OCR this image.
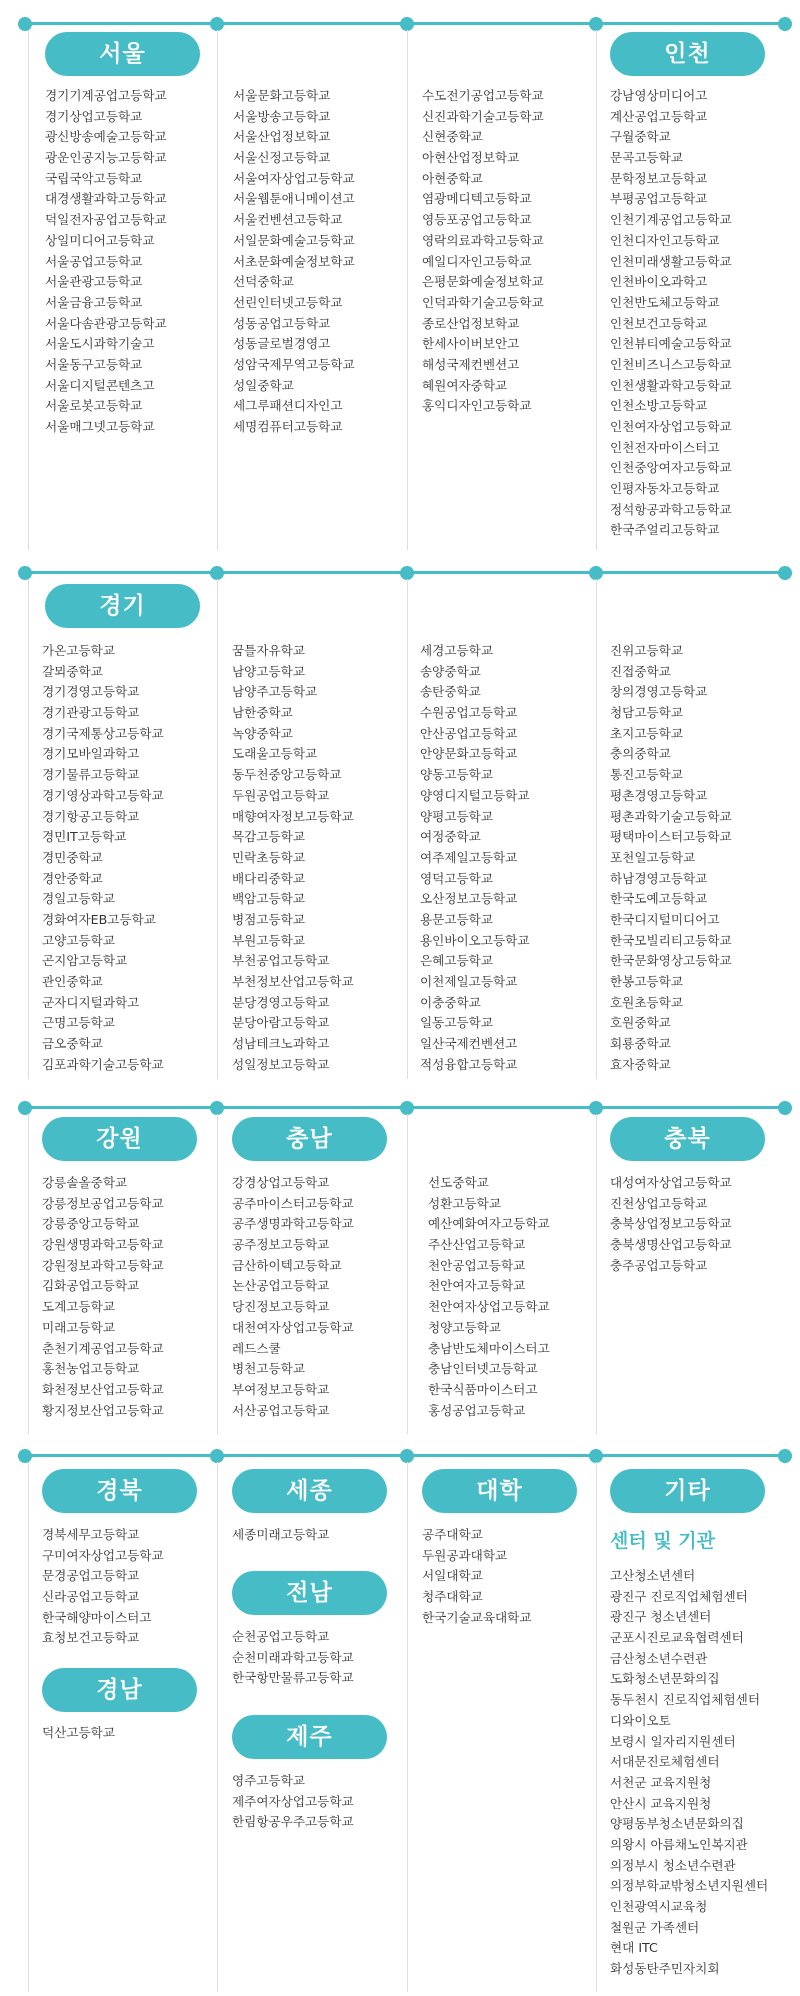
서울	인천
경기기계공업고등학교
경기상업고등학교
광신방송예술고등학교
광운인공지능고등학교
국립국악고등학교
대경생활과학고등학교
덕일전자공업고등학교
상일미디어고등학교
서울공업고등학교
서울관광고등학교
서울금융고등학교
서울다솜관광고등학교
서울도시과학기술고
서울동구고등학교
서울디지털콘텐츠고
서울로봇고등학교
서울매그넷고등학교
서울문화고등학교
서울방송고등학교
서울산업정보학교
서울신정고등학교
서울여자상업고등학교
서울웹툰애니메이션고
서울컨벤션고등학교
서일문화예술고등학교
서초문화예술정보학교
선덕중학교
선린인터넷고등학교
성동공업고등학교
성동글로벌경영고
성암국제무역고등학교
성일중학교
세그루패션디자인고
세명컴퓨터고등학교
수도전기공업고등학교
신진과학기술고등학교
신현중학교
아현산업정보학교
아현중학교
염광메디텍고등학교
영등포공업고등학교
영락의료과학고등학교
예일디자인고등학교
은평문화예술정보학교
인덕과학기술고등학교
종로산업정보학교
한세사이버보안고
해성국제컨벤션고
혜원여자중학교
홍익디자인고등학교
강남영상미디어고
계산공업고등학교
구월중학교
문곡고등학교
문학정보고등학교
부평공업고등학교
인천기계공업고등학교
인천디자인고등학교
인천미래생활고등학교
인천바이오과학고
인천반도체고등학교
인천보건고등학교
인천뷰티예술고등학교
인천비즈니스고등학교
인천생활과학고등학교
인천소방고등학교
인천여자상업고등학교
인천전자마이스터고
인천중앙여자고등학교
인평자동차고등학교
정석항공과학고등학교
한국주얼리고등학교
경기
가온고등학교
갈뫼중학교
경기경영고등학교
경기관광고등학교
경기국제통상고등학교
경기모바일과학고
경기물류고등학교
경기영상과학고등학교
경기항공고등학교
경민IT고등학교
경민중학교
경안중학교
경일고등학교
경화여자EB고등학교
고양고등학교
곤지암고등학교
관인중학교
군자디지털과학고
근명고등학교
금오중학교
김포과학기술고등학교
꿈틀자유학교
남양고등학교
남양주고등학교
남한중학교
녹양중학교
도래울고등학교
동두천중앙고등학교
두원공업고등학교
매향여자정보고등학교
목감고등학교
민락초등학교
배다리중학교
백암고등학교
병점고등학교
부원고등학교
부천공업고등학교
부천정보산업고등학교
분당경영고등학교
분당아람고등학교
성남테크노과학고
성일정보고등학교
세경고등학교
송양중학교
송탄중학교
수원공업고등학교
안산공업고등학교
안양문화고등학교
양동고등학교
양영디지털고등학교
양평고등학교
여정중학교
여주제일고등학교
영덕고등학교
오산정보고등학교
용문고등학교
용인바이오고등학교
은혜고등학교
이천제일고등학교
이충중학교
일동고등학교
일산국제컨벤션고
적성융합고등학교
진위고등학교
진접중학교
창의경영고등학교
청담고등학교
초지고등학교
충의중학교
통진고등학교
평촌경영고등학교
평촌과학기술고등학교
평택마이스터고등학교
포천일고등학교
하남경영고등학교
한국도예고등학교
한국디지털미디어고
한국모빌리티고등학교
한국문화영상고등학교
한봉고등학교
호원초등학교
호원중학교
회룡중학교
효자중학교
강원	충남	충북
강릉솔올중학교
강릉정보공업고등학교
강릉중앙고등학교
강원생명과학고등학교
강원정보과학고등학교
김화공업고등학교
도계고등학교
미래고등학교
춘천기계공업고등학교
홍천농업고등학교
화천정보산업고등학교
황지정보산업고등학교
강경상업고등학교
공주마이스터고등학교
공주생명과학고등학교
공주정보고등학교
금산하이텍고등학교
논산공업고등학교
당진정보고등학교
대천여자상업고등학교
레드스쿨
병천고등학교
부여정보고등학교
서산공업고등학교
선도중학교
성환고등학교
예산예화여자고등학교
주산산업고등학교
천안공업고등학교
천안여자고등학교
천안여자상업고등학교
청양고등학교
충남반도체마이스터고
충남인터넷고등학교
한국식품마이스터고
홍성공업고등학교
대성여자상업고등학교
진천상업고등학교
충북상업정보고등학교
충북생명산업고등학교
충주공업고등학교
경북
경북세무고등학교
구미여자상업고등학교
문경공업고등학교
신라공업고등학교
한국해양마이스터고
효청보건고등학교
경남
덕산고등학교
세종
세종미래고등학교
전남
순천공업고등학교
순천미래과학고등학교
한국항만물류고등학교
제주
영주고등학교
제주여자상업고등학교
한림항공우주고등학교
대학
공주대학교
두원공과대학교
서일대학교
청주대학교
한국기술교육대학교
기타
센터 및 기관
고산청소년센터
광진구 진로직업체험센터
광진구 청소년센터
군포시진로교육협력센터
금산청소년수련관
도화청소년문화의집
동두천시 진로직업체험센터
디와이오토
보령시 일자리지원센터
서대문진로체험센터
서천군 교육지원청
안산시 교육지원청
양평동부청소년문화의집
의왕시 아름채노인복지관
의정부시 청소년수련관
의정부학교밖청소년지원센터
인천광역시교육청
철원군 가족센터
현대 ITC
화성동탄주민자치회
